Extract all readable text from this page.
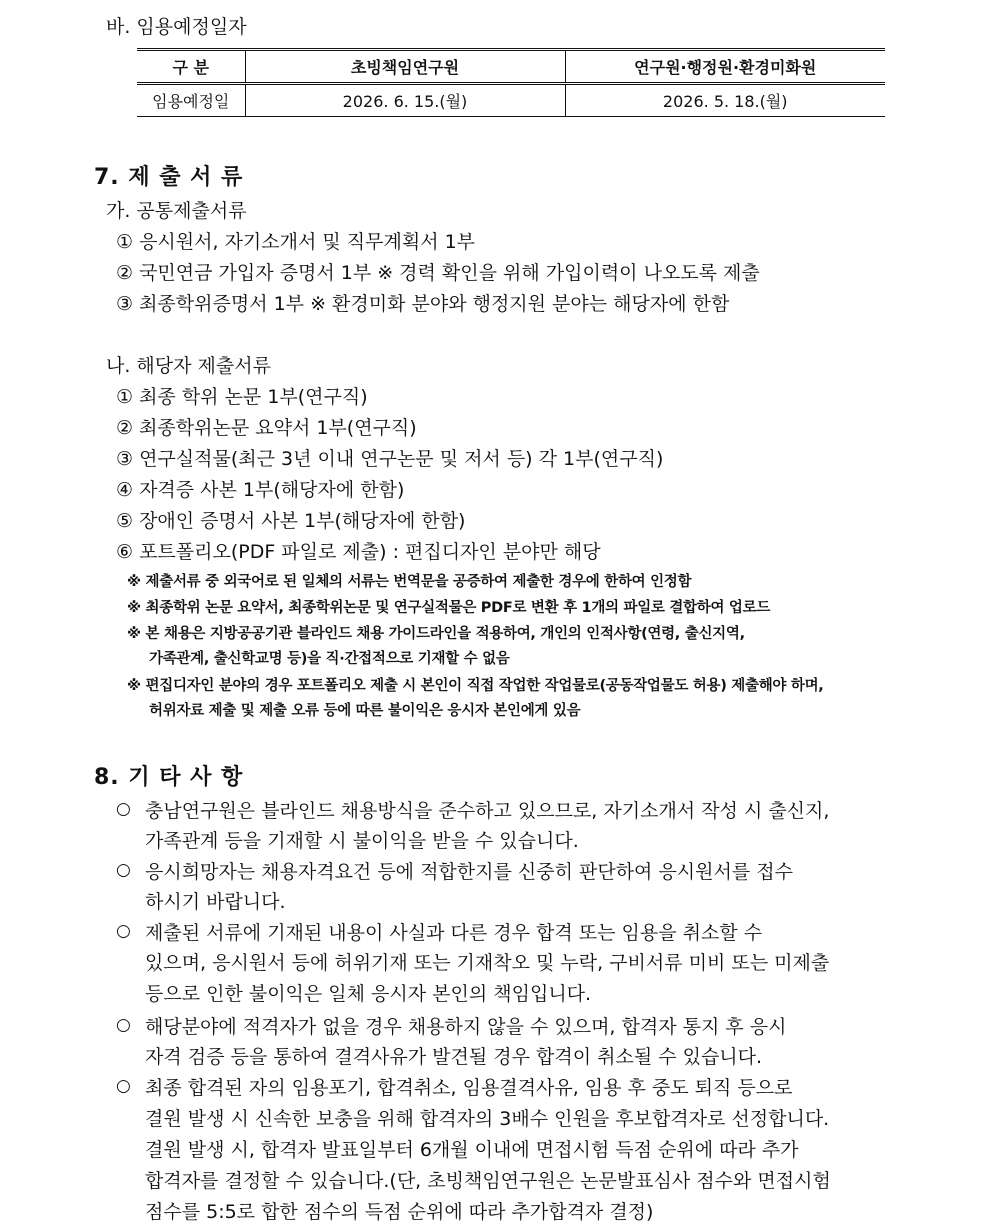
바. 임용예정일자
구 분	초빙책임연구원	연구원·행정원·환경미화원
임용예정일	2026. 6. 15.(월)	2026. 5. 18.(월)
7. 제 출 서 류
가. 공통제출서류
① 응시원서, 자기소개서 및 직무계획서 1부
② 국민연금 가입자 증명서 1부 ※ 경력 확인을 위해 가입이력이 나오도록 제출
③ 최종학위증명서 1부 ※ 환경미화 분야와 행정지원 분야는 해당자에 한함
나. 해당자 제출서류
① 최종 학위 논문 1부(연구직)
② 최종학위논문 요약서 1부(연구직)
③ 연구실적물(최근 3년 이내 연구논문 및 저서 등) 각 1부(연구직)
④ 자격증 사본 1부(해당자에 한함)
⑤ 장애인 증명서 사본 1부(해당자에 한함)
⑥ 포트폴리오(PDF 파일로 제출) : 편집디자인 분야만 해당
※ 제출서류 중 외국어로 된 일체의 서류는 번역문을 공증하여 제출한 경우에 한하여 인정함
※ 최종학위 논문 요약서, 최종학위논문 및 연구실적물은 PDF로 변환 후 1개의 파일로 결합하여 업로드
※ 본 채용은 지방공공기관 블라인드 채용 가이드라인을 적용하여, 개인의 인적사항(연령, 출신지역,
가족관계, 출신학교명 등)을 직·간접적으로 기재할 수 없음
※ 편집디자인 분야의 경우 포트폴리오 제출 시 본인이 직접 작업한 작업물로(공동작업물도 허용) 제출해야 하며,
허위자료 제출 및 제출 오류 등에 따른 불이익은 응시자 본인에게 있음
8. 기 타 사 항
○ 충남연구원은 블라인드 채용방식을 준수하고 있으므로, 자기소개서 작성 시 출신지,
가족관계 등을 기재할 시 불이익을 받을 수 있습니다.
○ 응시희망자는 채용자격요건 등에 적합한지를 신중히 판단하여 응시원서를 접수
하시기 바랍니다.
○ 제출된 서류에 기재된 내용이 사실과 다른 경우 합격 또는 임용을 취소할 수
있으며, 응시원서 등에 허위기재 또는 기재착오 및 누락, 구비서류 미비 또는 미제출
등으로 인한 불이익은 일체 응시자 본인의 책임입니다.
○ 해당분야에 적격자가 없을 경우 채용하지 않을 수 있으며, 합격자 통지 후 응시
자격 검증 등을 통하여 결격사유가 발견될 경우 합격이 취소될 수 있습니다.
○ 최종 합격된 자의 임용포기, 합격취소, 임용결격사유, 임용 후 중도 퇴직 등으로
결원 발생 시 신속한 보충을 위해 합격자의 3배수 인원을 후보합격자로 선정합니다.
결원 발생 시, 합격자 발표일부터 6개월 이내에 면접시험 득점 순위에 따라 추가
합격자를 결정할 수 있습니다.(단, 초빙책임연구원은 논문발표심사 점수와 면접시험
점수를 5:5로 합한 점수의 득점 순위에 따라 추가합격자 결정)
